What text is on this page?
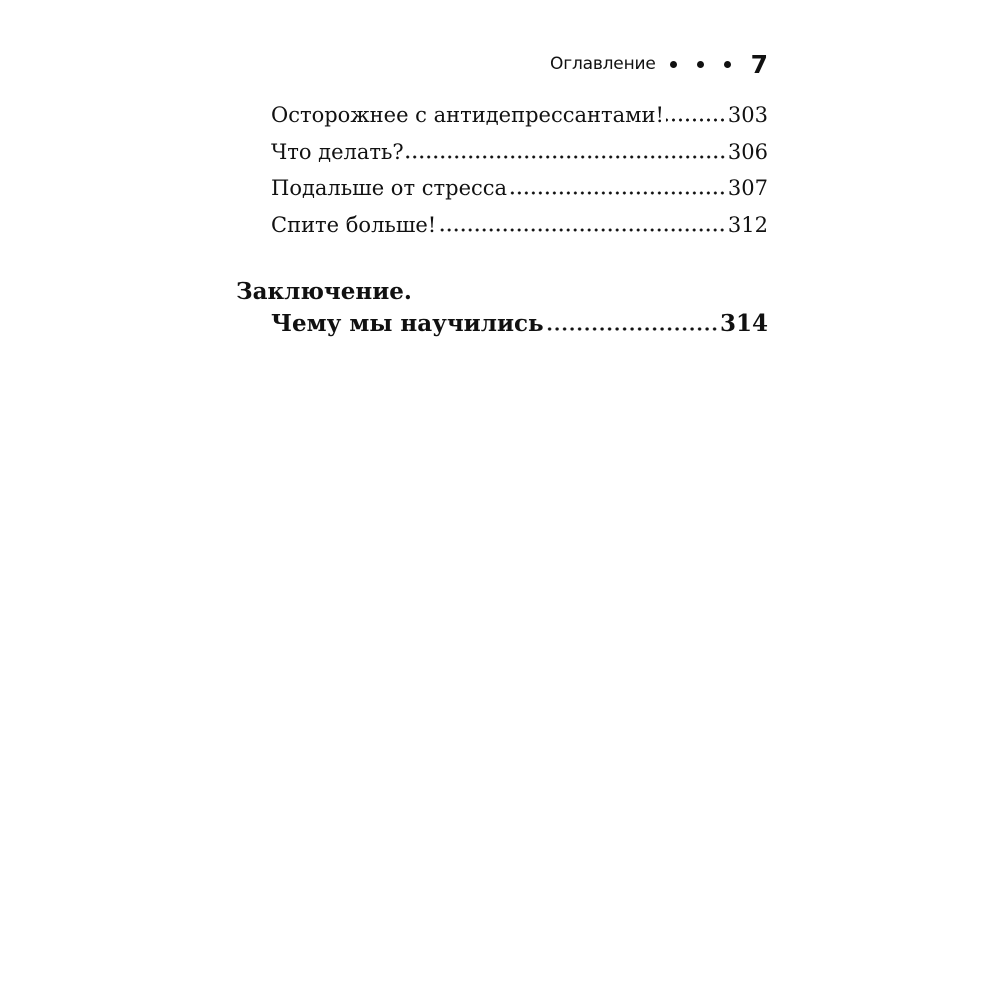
Оглавление	7
Осторожнее с антидепрессантами!	303
Что делать?	306
Подальше от стресса	307
Спите больше!	312
Заключение.
Чему мы научились	314
